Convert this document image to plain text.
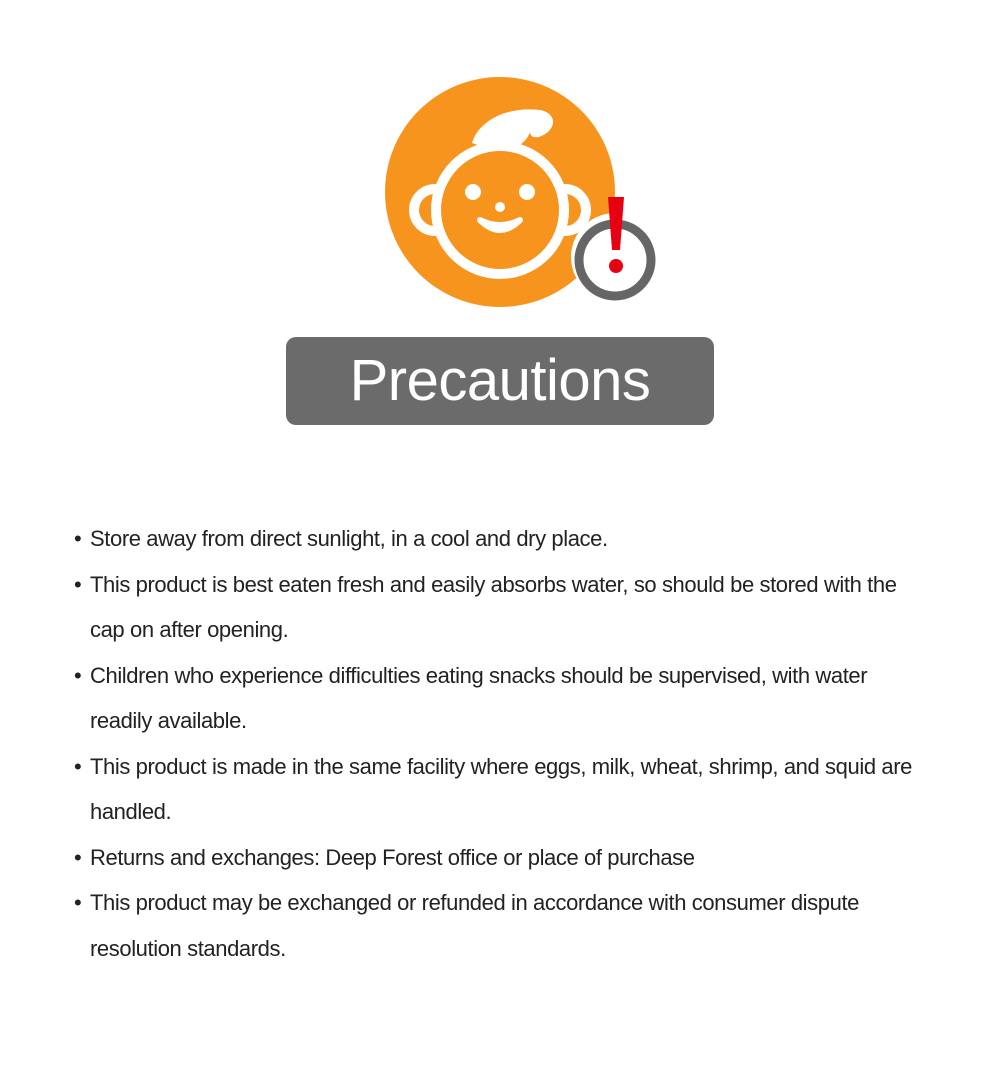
Precautions
• Store away from direct sunlight, in a cool and dry place.
• This product is best eaten fresh and easily absorbs water, so should be stored with the cap on after opening.
• Children who experience difficulties eating snacks should be supervised, with water readily available.
• This product is made in the same facility where eggs, milk, wheat, shrimp, and squid are handled.
• Returns and exchanges: Deep Forest office or place of purchase
• This product may be exchanged or refunded in accordance with consumer dispute resolution standards.
